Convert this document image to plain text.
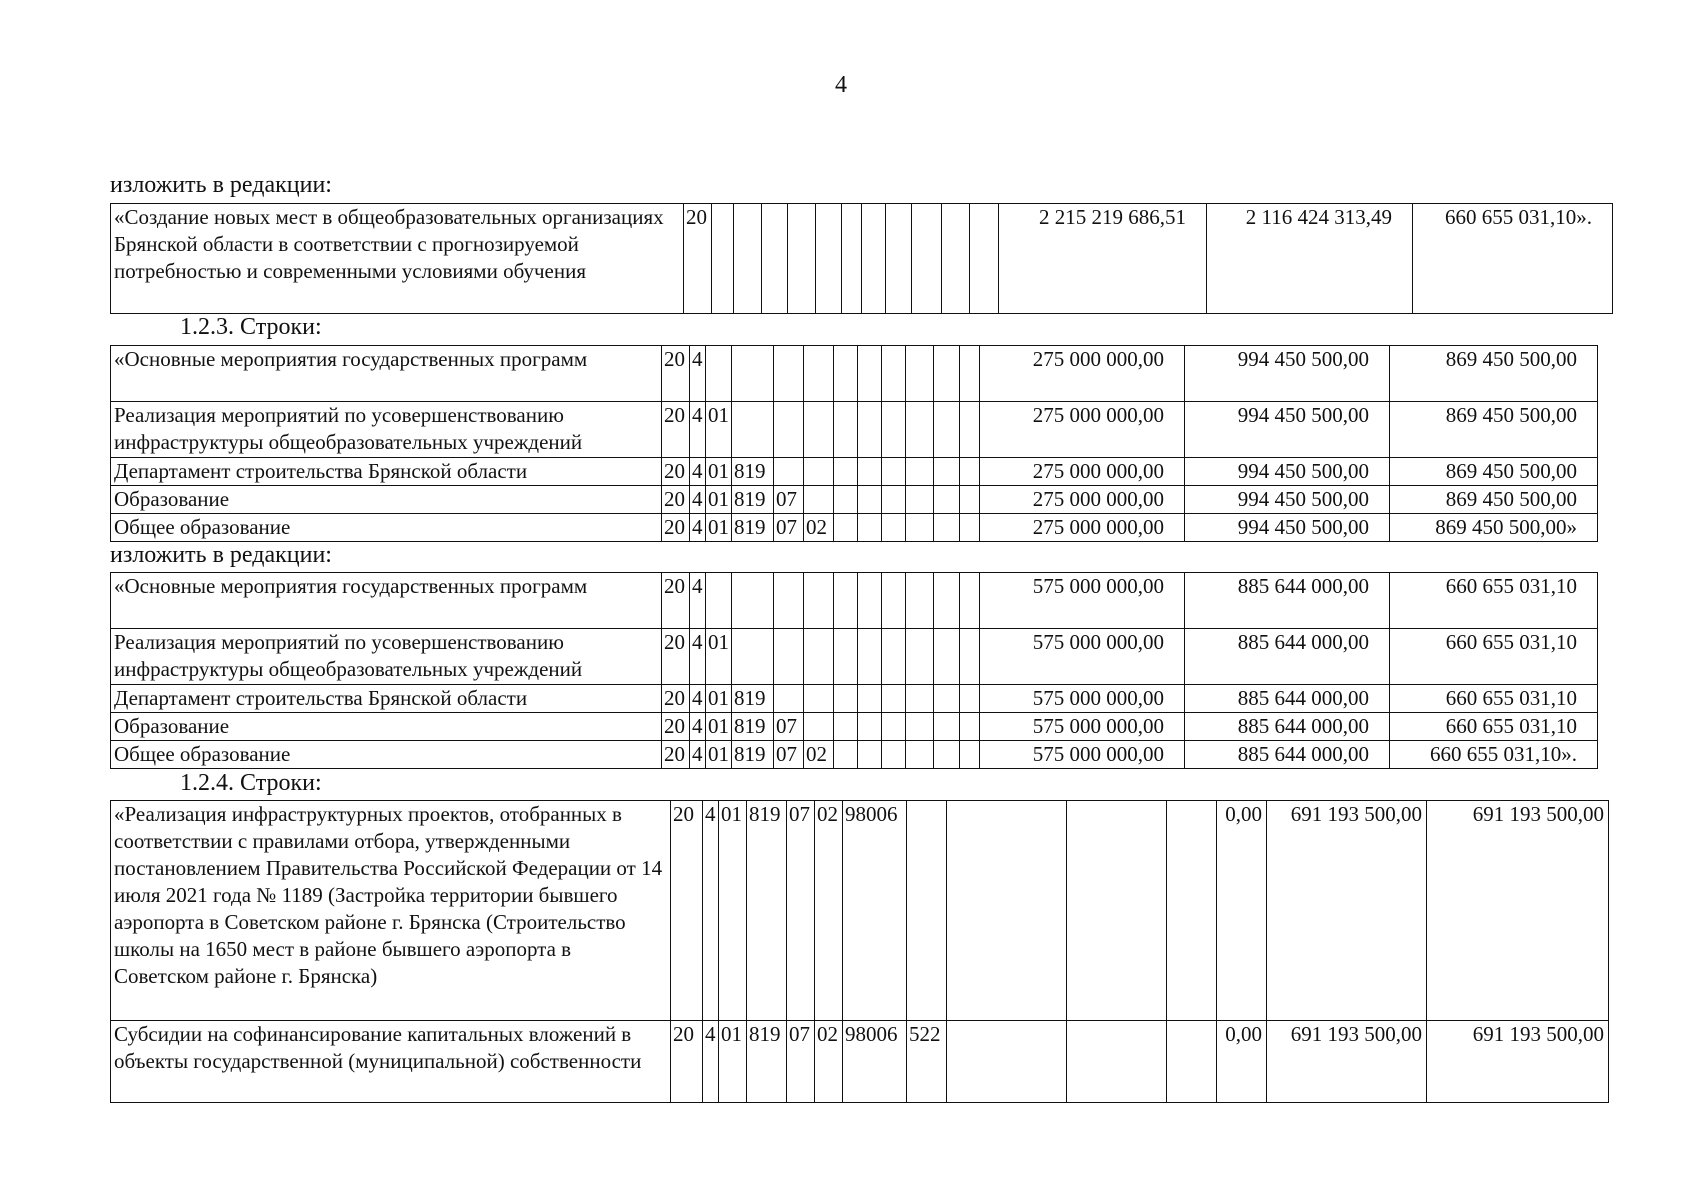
4
изложить в редакции:
«Создание новых мест в общеобразовательных организациях Брянской области в соответствии с прогнозируемой потребностью и современными условиями обучения	20												2 215 219 686,51	2 116 424 313,49	660 655 031,10».
1.2.3. Строки:
«Основные мероприятия государственных программ	20	4											275 000 000,00	994 450 500,00	869 450 500,00
Реализация мероприятий по усовершенствованию инфраструктуры общеобразовательных учреждений	20	4	01										275 000 000,00	994 450 500,00	869 450 500,00
Департамент строительства Брянской области	20	4	01	819									275 000 000,00	994 450 500,00	869 450 500,00
Образование	20	4	01	819	07								275 000 000,00	994 450 500,00	869 450 500,00
Общее образование	20	4	01	819	07	02							275 000 000,00	994 450 500,00	869 450 500,00»
изложить в редакции:
«Основные мероприятия государственных программ	20	4											575 000 000,00	885 644 000,00	660 655 031,10
Реализация мероприятий по усовершенствованию инфраструктуры общеобразовательных учреждений	20	4	01										575 000 000,00	885 644 000,00	660 655 031,10
Департамент строительства Брянской области	20	4	01	819									575 000 000,00	885 644 000,00	660 655 031,10
Образование	20	4	01	819	07								575 000 000,00	885 644 000,00	660 655 031,10
Общее образование	20	4	01	819	07	02							575 000 000,00	885 644 000,00	660 655 031,10».
1.2.4. Строки:
«Реализация инфраструктурных проектов, отобранных в соответствии с правилами отбора, утвержденными постановлением Правительства Российской Федерации от 14 июля 2021 года № 1189 (Застройка территории бывшего аэропорта в Советском районе г. Брянска (Строительство школы на 1650 мест в районе бывшего аэропорта в Советском районе г. Брянска)	20	4	01	819	07	02	98006					0,00	691 193 500,00	691 193 500,00
Субсидии на софинансирование капитальных вложений в объекты государственной (муниципальной) собственности	20	4	01	819	07	02	98006	522				0,00	691 193 500,00	691 193 500,00
